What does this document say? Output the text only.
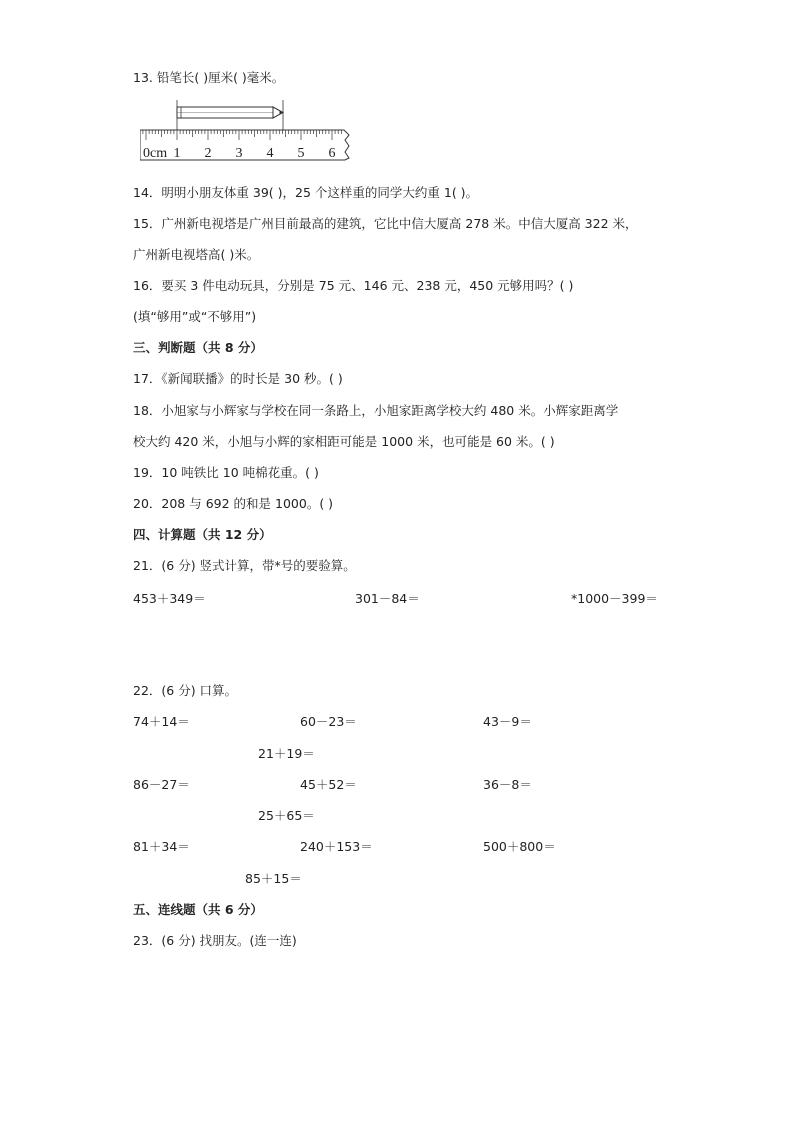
13. 铅笔长( )厘米( )毫米。
0cm 1 2 3 4 5 6
14．明明小朋友体重 39( )，25 个这样重的同学大约重 1( )。
15．广州新电视塔是广州目前最高的建筑，它比中信大厦高 278 米。中信大厦高 322 米，
广州新电视塔高( )米。
16．要买 3 件电动玩具，分别是 75 元、146 元、238 元，450 元够用吗？( )
(填“够用”或“不够用”)
三、判断题（共 8 分）
17．《新闻联播》的时长是 30 秒。( )
18．小旭家与小辉家与学校在同一条路上，小旭家距离学校大约 480 米。小辉家距离学
校大约 420 米，小旭与小辉的家相距可能是 1000 米，也可能是 60 米。( )
19．10 吨铁比 10 吨棉花重。( )
20．208 与 692 的和是 1000。( )
四、计算题（共 12 分）
21．(6 分) 竖式计算，带*号的要验算。
453＋349＝	301－84＝	*1000－399＝
22．(6 分) 口算。
74＋14＝	60－23＝	43－9＝
21＋19＝
86－27＝	45＋52＝	36－8＝
25＋65＝
81＋34＝	240＋153＝	500＋800＝
85＋15＝
五、连线题（共 6 分）
23．(6 分) 找朋友。(连一连)
